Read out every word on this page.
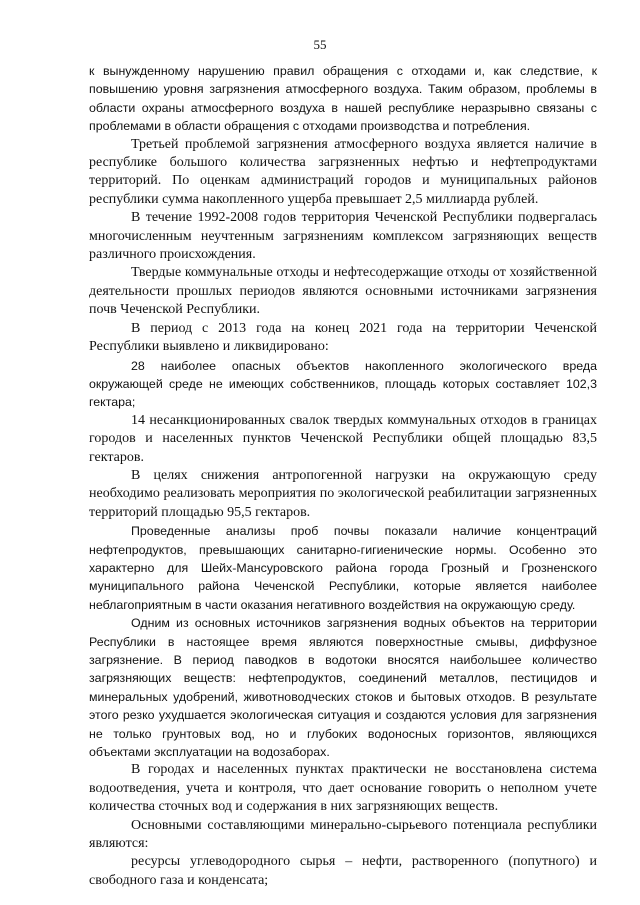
55

к вынужденному нарушению правил обращения с отходами и, как следствие, к повышению уровня загрязнения атмосферного воздуха. Таким образом, проблемы в области охраны атмосферного воздуха в нашей республике неразрывно связаны с проблемами в области обращения с отходами производства и потребления.

Третьей проблемой загрязнения атмосферного воздуха является наличие в республике большого количества загрязненных нефтью и нефтепродуктами территорий. По оценкам администраций городов и муниципальных районов республики сумма накопленного ущерба превышает 2,5 миллиарда рублей.

В течение 1992-2008 годов территория Чеченской Республики подвергалась многочисленным неучтенным загрязнениям комплексом загрязняющих веществ различного происхождения.

Твердые коммунальные отходы и нефтесодержащие отходы от хозяйственной деятельности прошлых периодов являются основными источниками загрязнения почв Чеченской Республики.

В период с 2013 года на конец 2021 года на территории Чеченской Республики выявлено и ликвидировано:

28 наиболее опасных объектов накопленного экологического вреда окружающей среде не имеющих собственников, площадь которых составляет 102,3 гектара;

14 несанкционированных свалок твердых коммунальных отходов в границах городов и населенных пунктов Чеченской Республики общей площадью 83,5 гектаров.

В целях снижения антропогенной нагрузки на окружающую среду необходимо реализовать мероприятия по экологической реабилитации загрязненных территорий площадью 95,5 гектаров.

Проведенные анализы проб почвы показали наличие концентраций нефтепродуктов, превышающих санитарно-гигиенические нормы. Особенно это характерно для Шейх-Мансуровского района города Грозный и Грозненского муниципального района Чеченской Республики, которые является наиболее неблагоприятным в части оказания негативного воздействия на окружающую среду.

Одним из основных источников загрязнения водных объектов на территории Республики в настоящее время являются поверхностные смывы, диффузное загрязнение. В период паводков в водотоки вносятся наибольшее количество загрязняющих веществ: нефтепродуктов, соединений металлов, пестицидов и минеральных удобрений, животноводческих стоков и бытовых отходов. В результате этого резко ухудшается экологическая ситуация и создаются условия для загрязнения не только грунтовых вод, но и глубоких водоносных горизонтов, являющихся объектами эксплуатации на водозаборах.

В городах и населенных пунктах практически не восстановлена система водоотведения, учета и контроля, что дает основание говорить о неполном учете количества сточных вод и содержания в них загрязняющих веществ.

Основными составляющими минерально-сырьевого потенциала республики являются:

ресурсы углеводородного сырья – нефти, растворенного (попутного) и свободного газа и конденсата;
